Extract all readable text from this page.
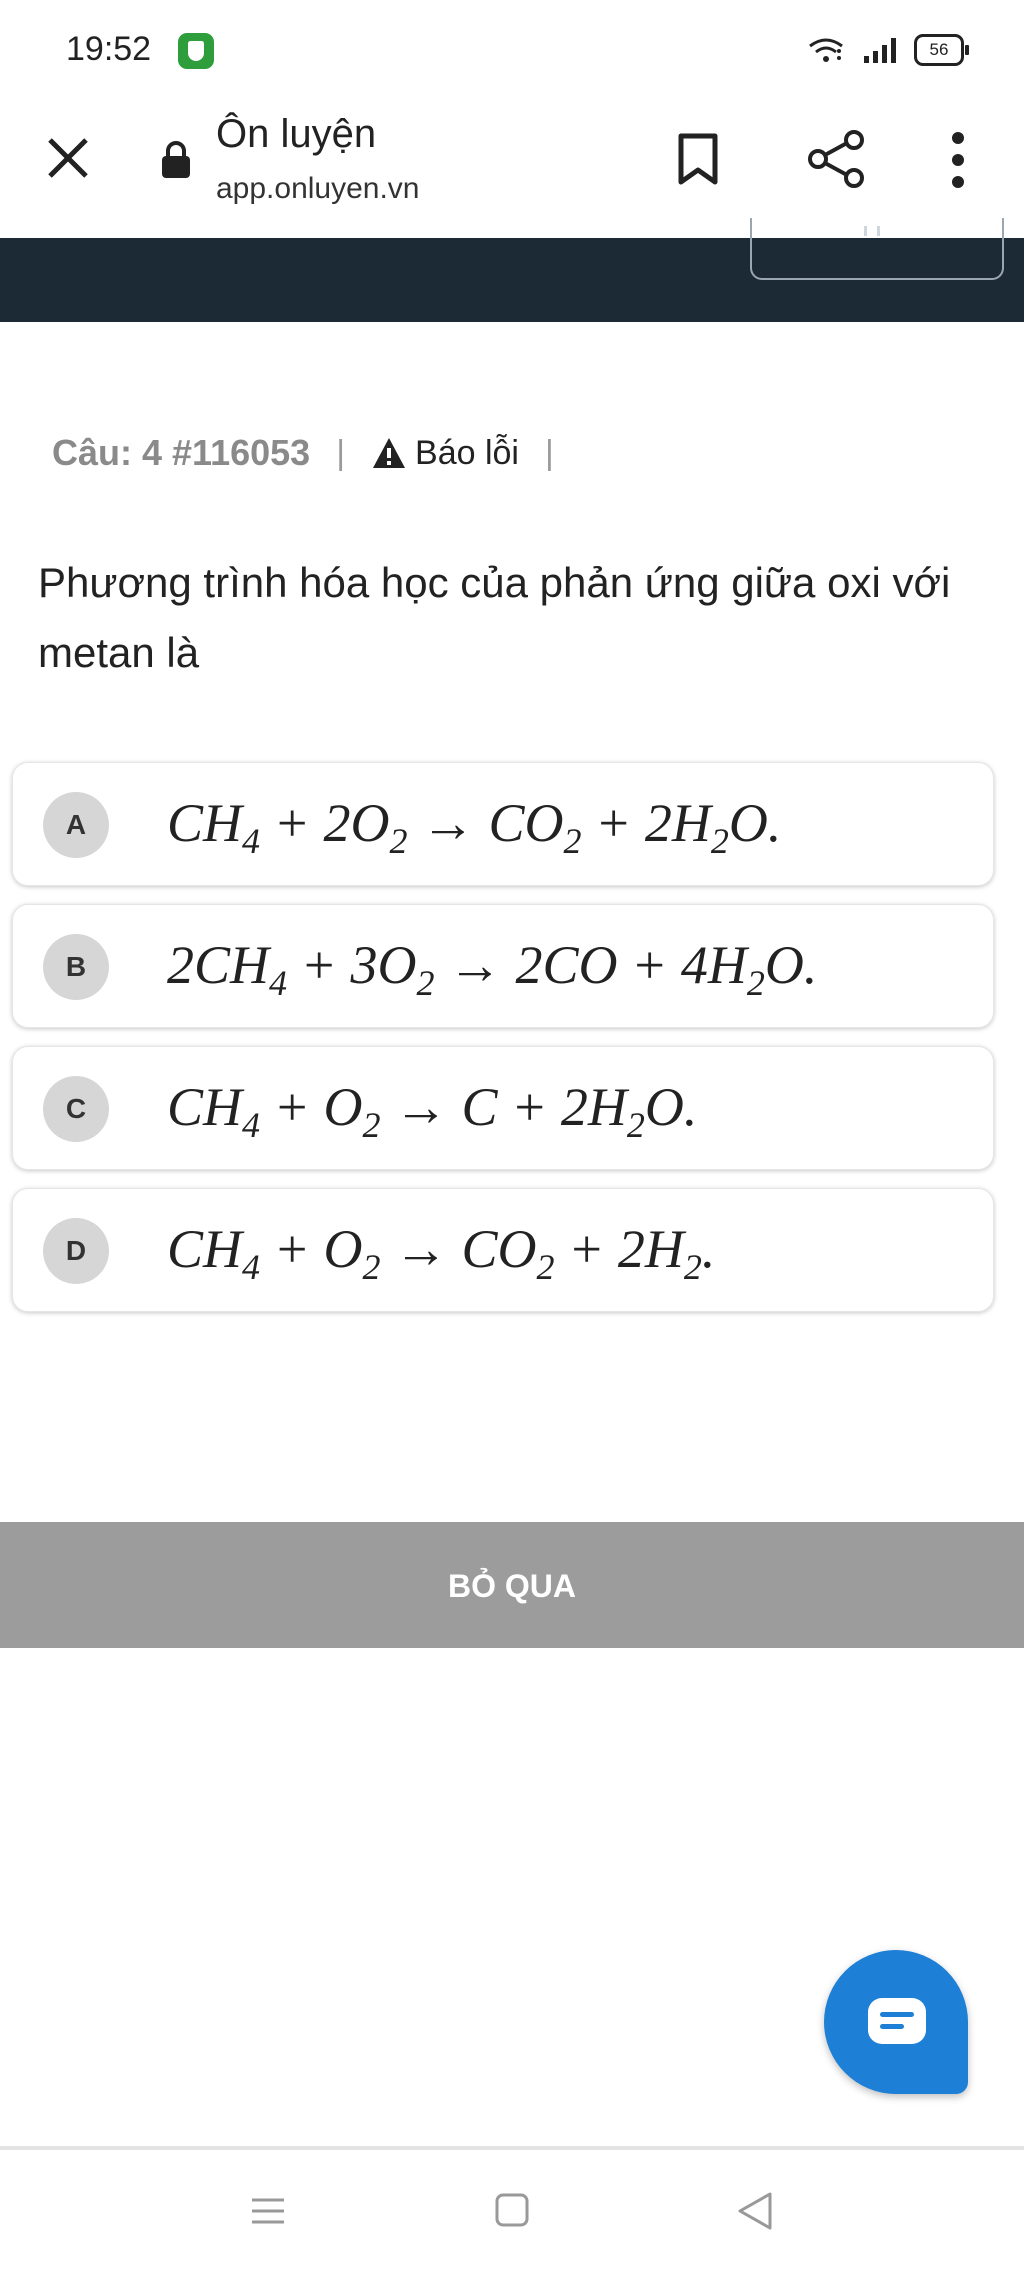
19:52	56
Ôn luyện
app.onluyen.vn
Câu: 4 #116053 | Báo lỗi |
Phương trình hóa học của phản ứng giữa oxi với metan là
A	$CH_4 + 2O_2 \to CO_2 + 2H_2O$.
B	$2CH_4 + 3O_2 \to 2CO + 4H_2O$.
C	$CH_4 + O_2 \to C + 2H_2O$.
D	$CH_4 + O_2 \to CO_2 + 2H_2$.
BỎ QUA
